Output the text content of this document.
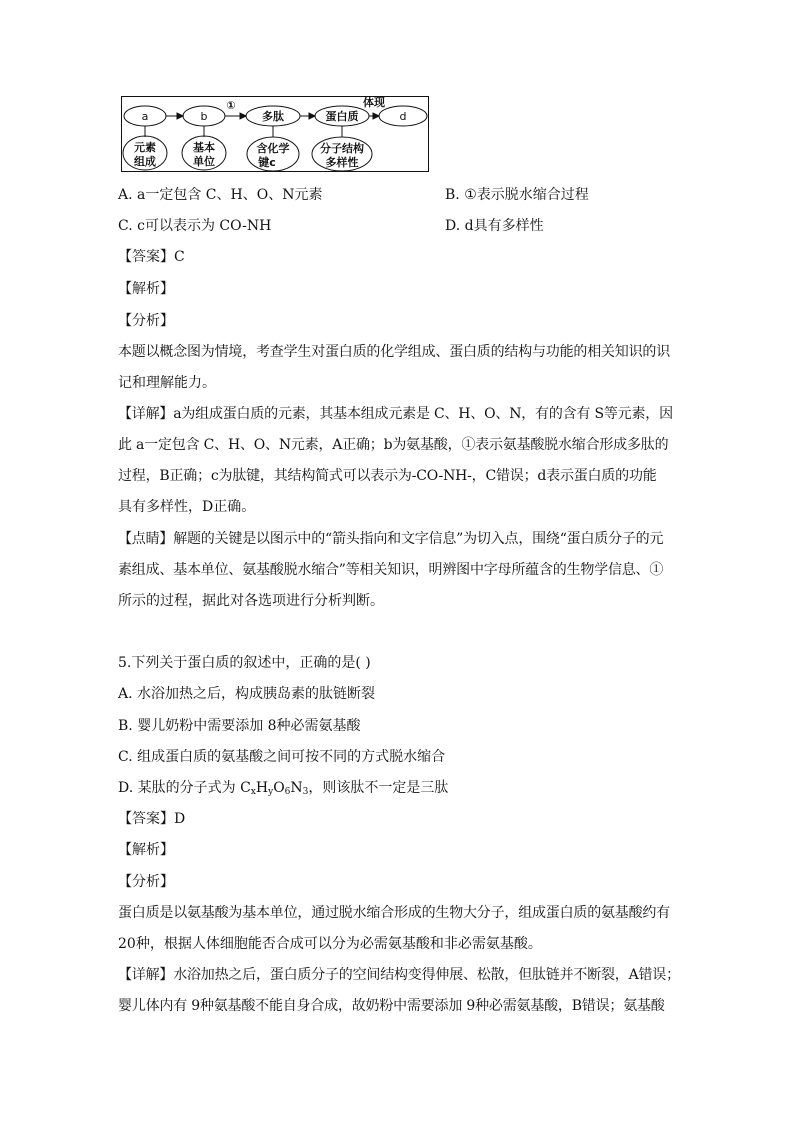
a	b	多肽	蛋白质	d
①	体现
元素
组成
基本
单位
含化学
键c
分子结构
多样性
A. a一定包含 C、H、O、N元素	B. ①表示脱水缩合过程
C. c可以表示为 CO-NH	D. d具有多样性
【答案】C
【解析】
【分析】
本题以概念图为情境，考查学生对蛋白质的化学组成、蛋白质的结构与功能的相关知识的识
记和理解能力。
【详解】a为组成蛋白质的元素，其基本组成元素是 C、H、O、N，有的含有 S等元素，因
此 a一定包含 C、H、O、N元素，A正确；b为氨基酸，①表示氨基酸脱水缩合形成多肽的
过程，B正确；c为肽键，其结构简式可以表示为-CO-NH-，C错误；d表示蛋白质的功能
具有多样性，D正确。
【点睛】解题的关键是以图示中的“箭头指向和文字信息”为切入点，围绕“蛋白质分子的元
素组成、基本单位、氨基酸脱水缩合”等相关知识，明辨图中字母所蕴含的生物学信息、①
所示的过程，据此对各选项进行分析判断。
5.下列关于蛋白质的叙述中，正确的是( )
A. 水浴加热之后，构成胰岛素的肽链断裂
B. 婴儿奶粉中需要添加 8种必需氨基酸
C. 组成蛋白质的氨基酸之间可按不同的方式脱水缩合
D. 某肽的分子式为 $C_xH_yO_6N_3$，则该肽不一定是三肽
【答案】D
【解析】
【分析】
蛋白质是以氨基酸为基本单位，通过脱水缩合形成的生物大分子，组成蛋白质的氨基酸约有
20种，根据人体细胞能否合成可以分为必需氨基酸和非必需氨基酸。
【详解】水浴加热之后，蛋白质分子的空间结构变得伸展、松散，但肽链并不断裂，A错误；
婴儿体内有 9种氨基酸不能自身合成，故奶粉中需要添加 9种必需氨基酸，B错误；氨基酸
